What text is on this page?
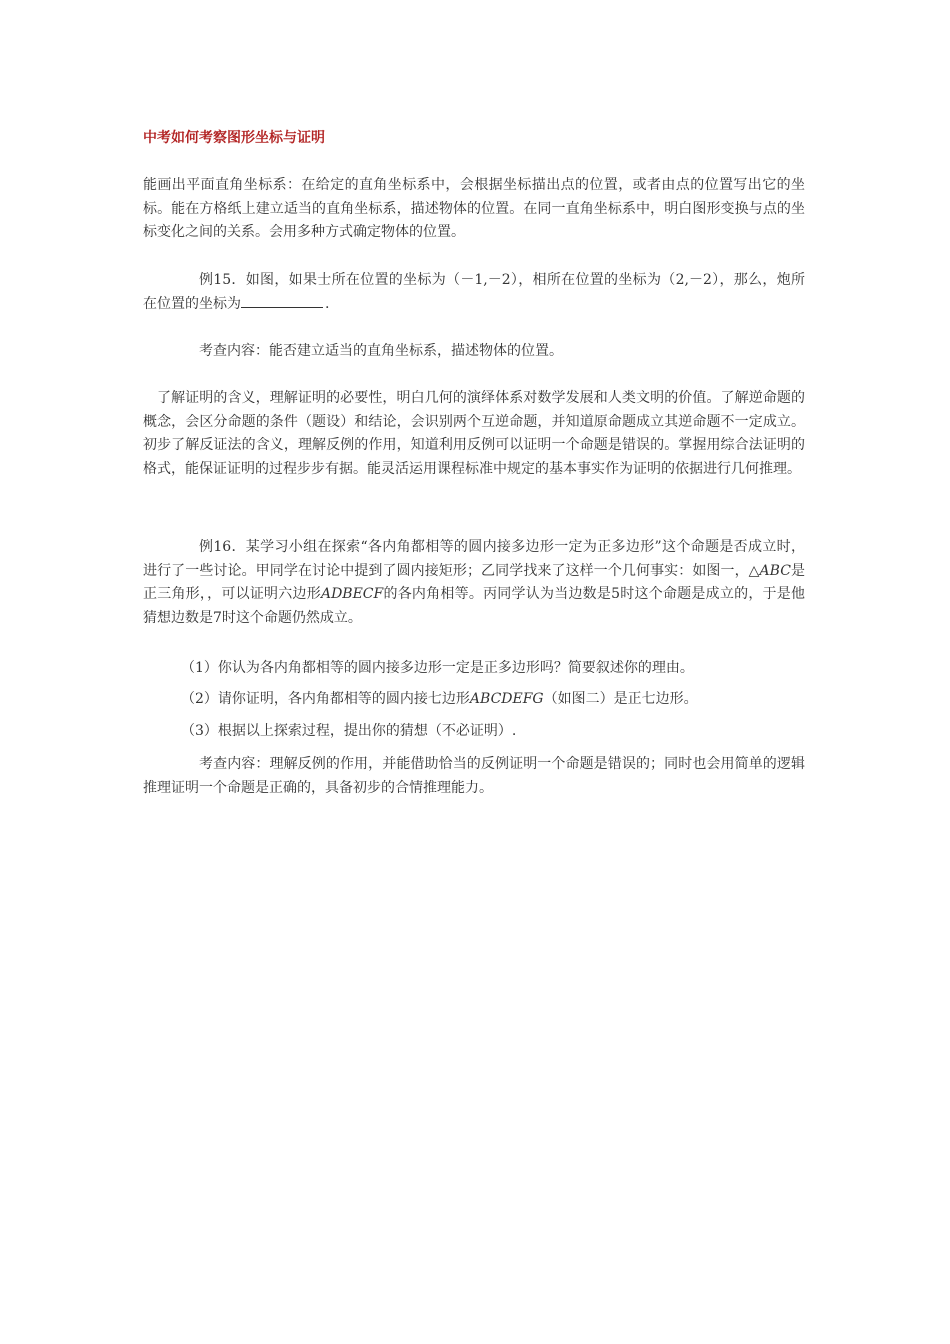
中考如何考察图形坐标与证明

能画出平面直角坐标系：在给定的直角坐标系中，会根据坐标描出点的位置，或者由点的位置写出它的坐标。能在方格纸上建立适当的直角坐标系，描述物体的位置。在同一直角坐标系中，明白图形变换与点的坐标变化之间的关系。会用多种方式确定物体的位置。

例15．如图，如果士所在位置的坐标为（－1,－2），相所在位置的坐标为（2,－2），那么，炮所在位置的坐标为	.

考查内容：能否建立适当的直角坐标系，描述物体的位置。

了解证明的含义，理解证明的必要性，明白几何的演绎体系对数学发展和人类文明的价值。了解逆命题的概念，会区分命题的条件（题设）和结论，会识别两个互逆命题，并知道原命题成立其逆命题不一定成立。初步了解反证法的含义，理解反例的作用，知道利用反例可以证明一个命题是错误的。掌握用综合法证明的格式，能保证证明的过程步步有据。能灵活运用课程标准中规定的基本事实作为证明的依据进行几何推理。

例16．某学习小组在探索“各内角都相等的圆内接多边形一定为正多边形”这个命题是否成立时，进行了一些讨论。甲同学在讨论中提到了圆内接矩形；乙同学找来了这样一个几何事实：如图一，△ABC是正三角形，，可以证明六边形ADBECF的各内角相等。丙同学认为当边数是5时这个命题是成立的，于是他猜想边数是7时这个命题仍然成立。

（1）你认为各内角都相等的圆内接多边形一定是正多边形吗？简要叙述你的理由。
（2）请你证明，各内角都相等的圆内接七边形ABCDEFG（如图二）是正七边形。
（3）根据以上探索过程，提出你的猜想（不必证明）.

考查内容：理解反例的作用，并能借助恰当的反例证明一个命题是错误的；同时也会用简单的逻辑推理证明一个命题是正确的，具备初步的合情推理能力。
